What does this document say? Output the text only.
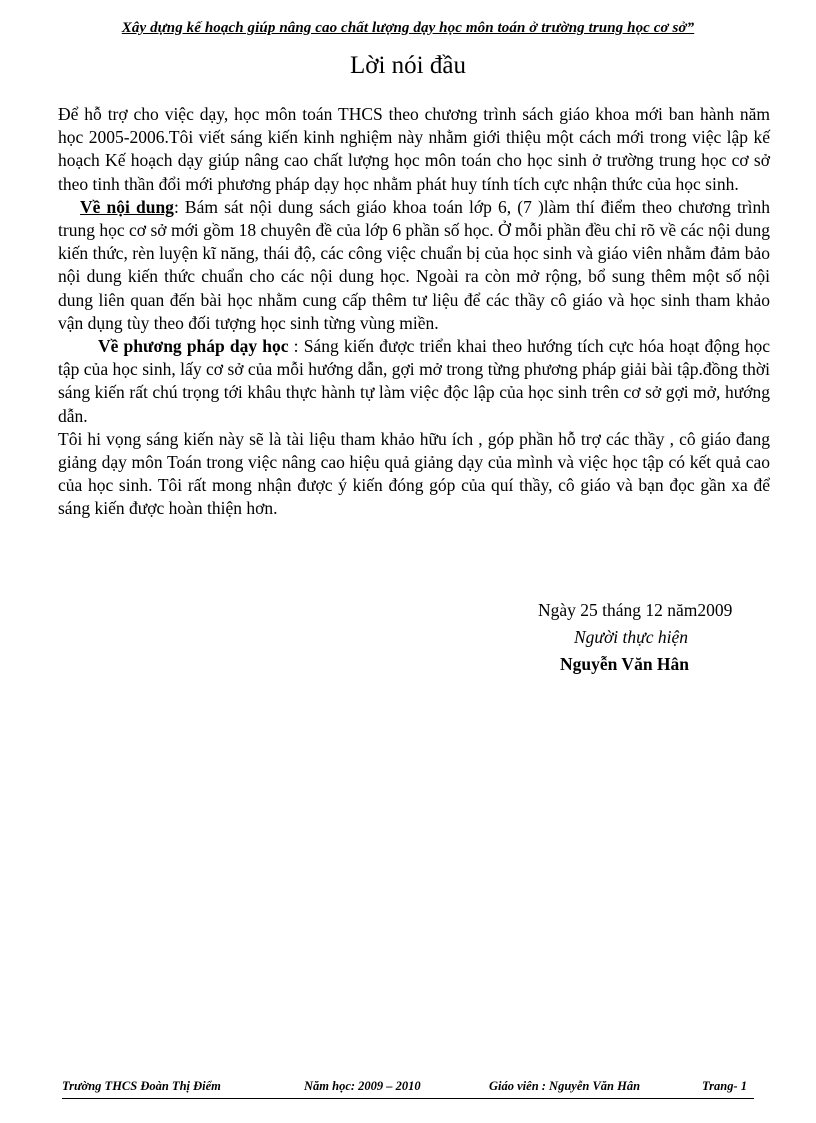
Xây dựng kế hoạch giúp nâng cao chất lượng dạy học môn toán ở trường trung học cơ sở”
Lời nói đầu

Để hỗ trợ cho việc dạy, học môn toán THCS theo chương trình sách giáo khoa mới ban hành năm học 2005-2006.Tôi viết sáng kiến kinh nghiệm này nhằm giới thiệu một cách mới trong việc lập kế hoạch Kế hoạch dạy giúp nâng cao chất lượng học môn toán cho học sinh ở trường trung học cơ sở theo tinh thần đổi mới phương pháp dạy học nhằm phát huy tính tích cực nhận thức của học sinh.

Về nội dung: Bám sát nội dung sách giáo khoa toán lớp 6, (7 )làm thí điểm theo chương trình trung học cơ sở mới gồm 18 chuyên đề của lớp 6 phần số học. Ở mỗi phần đều chỉ rõ về các nội dung kiến thức, rèn luyện kĩ năng, thái độ, các công việc chuẩn bị của học sinh và giáo viên nhằm đảm bảo nội dung kiến thức chuẩn cho các nội dung học. Ngoài ra còn mở rộng, bổ sung thêm một số nội dung liên quan đến bài học nhằm cung cấp thêm tư liệu để các thầy cô giáo và học sinh tham khảo vận dụng tùy theo đối tượng học sinh từng vùng miền.

Về phương pháp dạy học : Sáng kiến được triển khai theo hướng tích cực hóa hoạt động học tập của học sinh, lấy cơ sở của mỗi hướng dẫn, gợi mở trong từng phương pháp giải bài tập.đồng thời sáng kiến rất chú trọng tới khâu thực hành tự làm việc độc lập của học sinh trên cơ sở gợi mở, hướng dẫn.

Tôi hi vọng sáng kiến này sẽ là tài liệu tham khảo hữu ích , góp phần hỗ trợ các thầy , cô giáo đang giảng dạy môn Toán trong việc nâng cao hiệu quả giảng dạy của mình và việc học tập có kết quả cao của học sinh. Tôi rất mong nhận được ý kiến đóng góp của quí thầy, cô giáo và bạn đọc gần xa để sáng kiến được hoàn thiện hơn.

Ngày 25 tháng 12 năm2009
Người thực hiện
Nguyễn Văn Hân
Trường THCS Đoàn Thị Điểm	Năm học: 2009 – 2010	Giáo viên : Nguyễn Văn Hân	Trang- 1
